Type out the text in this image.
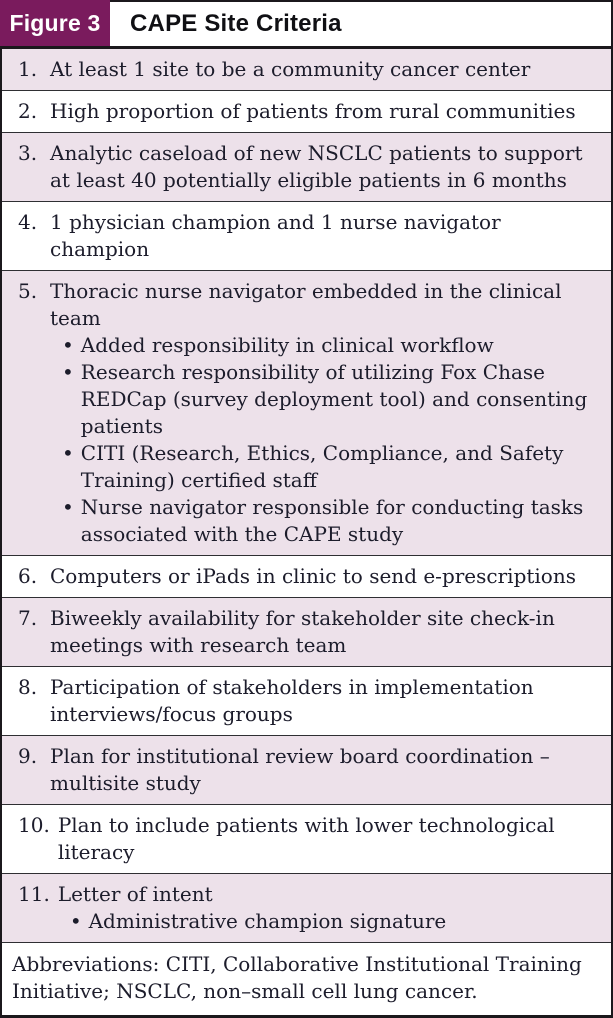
Figure 3	CAPE Site Criteria
1. At least 1 site to be a community cancer center
2. High proportion of patients from rural communities
3. Analytic caseload of new NSCLC patients to support at least 40 potentially eligible patients in 6 months
4. 1 physician champion and 1 nurse navigator champion
5. Thoracic nurse navigator embedded in the clinical team
• Added responsibility in clinical workflow
• Research responsibility of utilizing Fox Chase REDCap (survey deployment tool) and consenting patients
• CITI (Research, Ethics, Compliance, and Safety Training) certified staff
• Nurse navigator responsible for conducting tasks associated with the CAPE study
6. Computers or iPads in clinic to send e-prescriptions
7. Biweekly availability for stakeholder site check-in meetings with research team
8. Participation of stakeholders in implementation interviews/focus groups
9. Plan for institutional review board coordination – multisite study
10. Plan to include patients with lower technological literacy
11. Letter of intent
• Administrative champion signature
Abbreviations: CITI, Collaborative Institutional Training Initiative; NSCLC, non–small cell lung cancer.
